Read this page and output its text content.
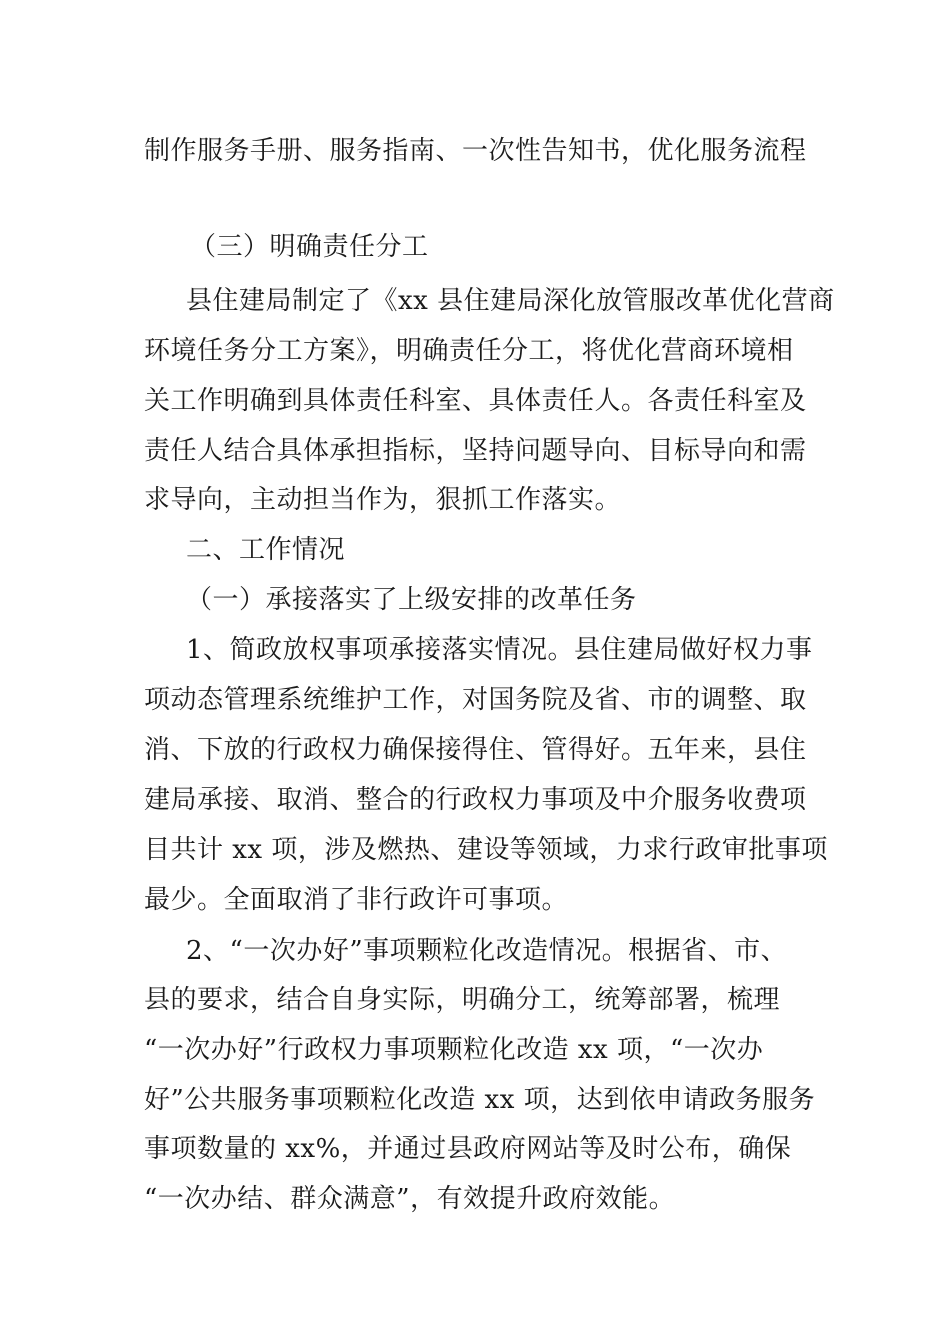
制作服务手册、服务指南、一次性告知书，优化服务流程
（三）明确责任分工
县住建局制定了《xx 县住建局深化放管服改革优化营商
环境任务分工方案》，明确责任分工，将优化营商环境相
关工作明确到具体责任科室、具体责任人。各责任科室及
责任人结合具体承担指标，坚持问题导向、目标导向和需
求导向，主动担当作为，狠抓工作落实。
二、工作情况
（一）承接落实了上级安排的改革任务
1、简政放权事项承接落实情况。县住建局做好权力事
项动态管理系统维护工作，对国务院及省、市的调整、取
消、下放的行政权力确保接得住、管得好。五年来，县住
建局承接、取消、整合的行政权力事项及中介服务收费项
目共计 xx 项，涉及燃热、建设等领域，力求行政审批事项
最少。全面取消了非行政许可事项。
2、“一次办好”事项颗粒化改造情况。根据省、市、
县的要求，结合自身实际，明确分工，统筹部署，梳理
“一次办好”行政权力事项颗粒化改造 xx 项，“一次办
好”公共服务事项颗粒化改造 xx 项，达到依申请政务服务
事项数量的 xx%，并通过县政府网站等及时公布，确保
“一次办结、群众满意”，有效提升政府效能。
